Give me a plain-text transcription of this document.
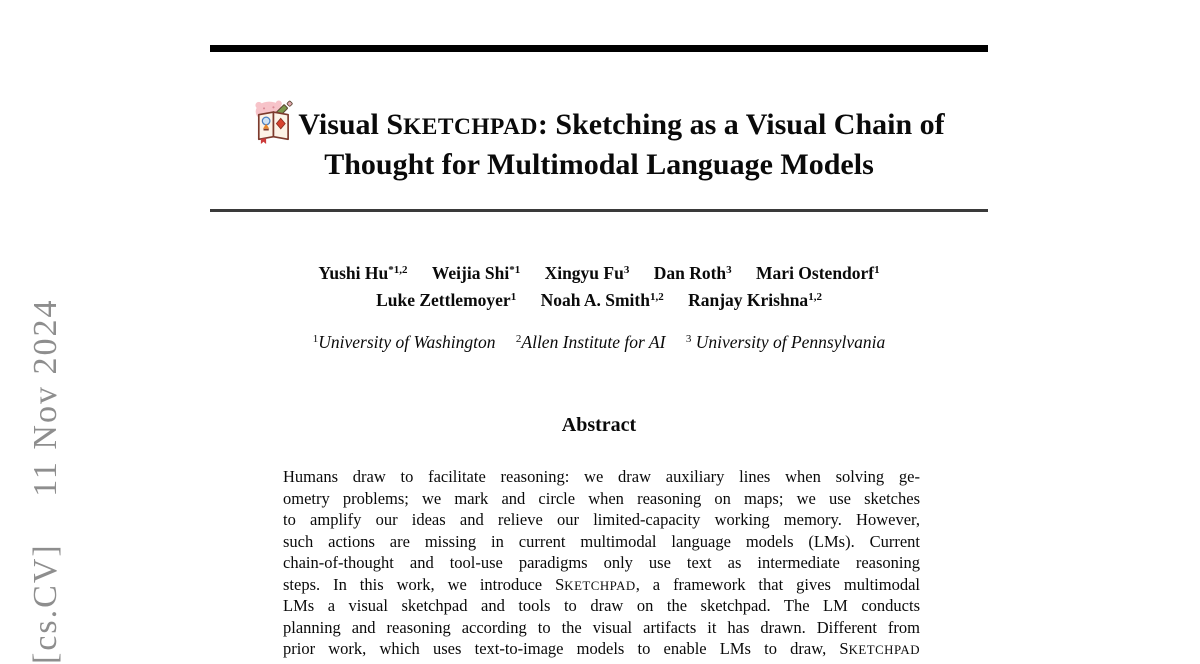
[cs.CV]  11 Nov 2024
Visual SKETCHPAD: Sketching as a Visual Chain of
Thought for Multimodal Language Models
Yushi Hu$^{*1,2}$ Weijia Shi$^{*1}$ Xingyu Fu$^3$ Dan Roth$^3$ Mari Ostendorf$^1$
Luke Zettlemoyer$^1$ Noah A. Smith$^{1,2}$ Ranjay Krishna$^{1,2}$
$^1$University of Washington $^2$Allen Institute for AI $^3$ University of Pennsylvania
Abstract
Humans draw to facilitate reasoning: we draw auxiliary lines when solving ge-
ometry problems; we mark and circle when reasoning on maps; we use sketches
to amplify our ideas and relieve our limited-capacity working memory. However,
such actions are missing in current multimodal language models (LMs). Current
chain-of-thought and tool-use paradigms only use text as intermediate reasoning
steps. In this work, we introduce SKETCHPAD, a framework that gives multimodal
LMs a visual sketchpad and tools to draw on the sketchpad. The LM conducts
planning and reasoning according to the visual artifacts it has drawn. Different from
prior work, which uses text-to-image models to enable LMs to draw, SKETCHPAD
